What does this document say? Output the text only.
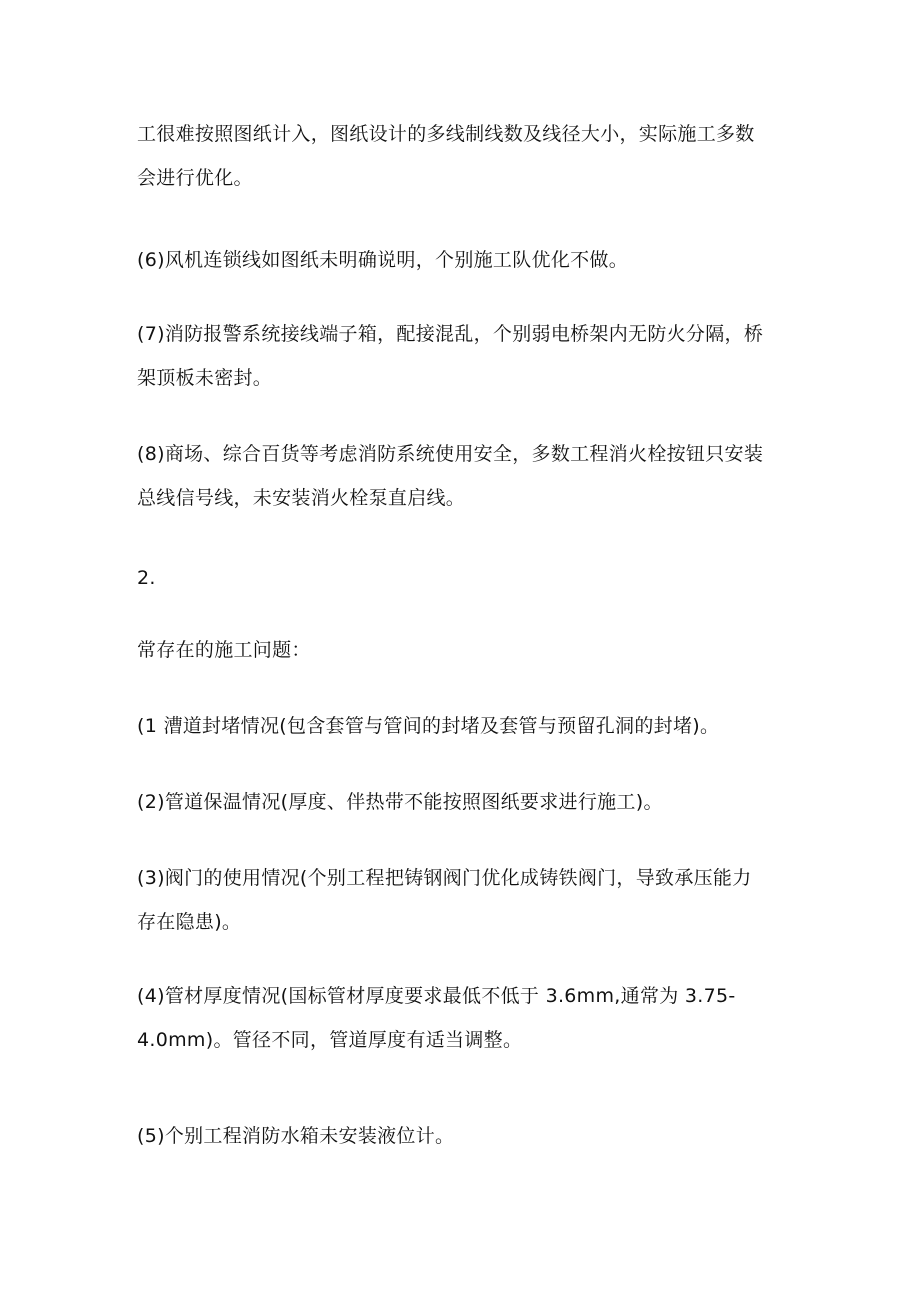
工很难按照图纸计入，图纸设计的多线制线数及线径大小，实际施工多数
会进行优化。
(6)风机连锁线如图纸未明确说明，个别施工队优化不做。
(7)消防报警系统接线端子箱，配接混乱，个别弱电桥架内无防火分隔，桥
架顶板未密封。
(8)商场、综合百货等考虑消防系统使用安全，多数工程消火栓按钮只安装
总线信号线，未安装消火栓泵直启线。
2.
常存在的施工问题：
(1 漕道封堵情况(包含套管与管间的封堵及套管与预留孔洞的封堵)。
(2)管道保温情况(厚度、伴热带不能按照图纸要求进行施工)。
(3)阀门的使用情况(个别工程把铸钢阀门优化成铸铁阀门，导致承压能力
存在隐患)。
(4)管材厚度情况(国标管材厚度要求最低不低于 3.6mm,通常为 3.75-
4.0mm)。管径不同，管道厚度有适当调整。
(5)个别工程消防水箱未安装液位计。
